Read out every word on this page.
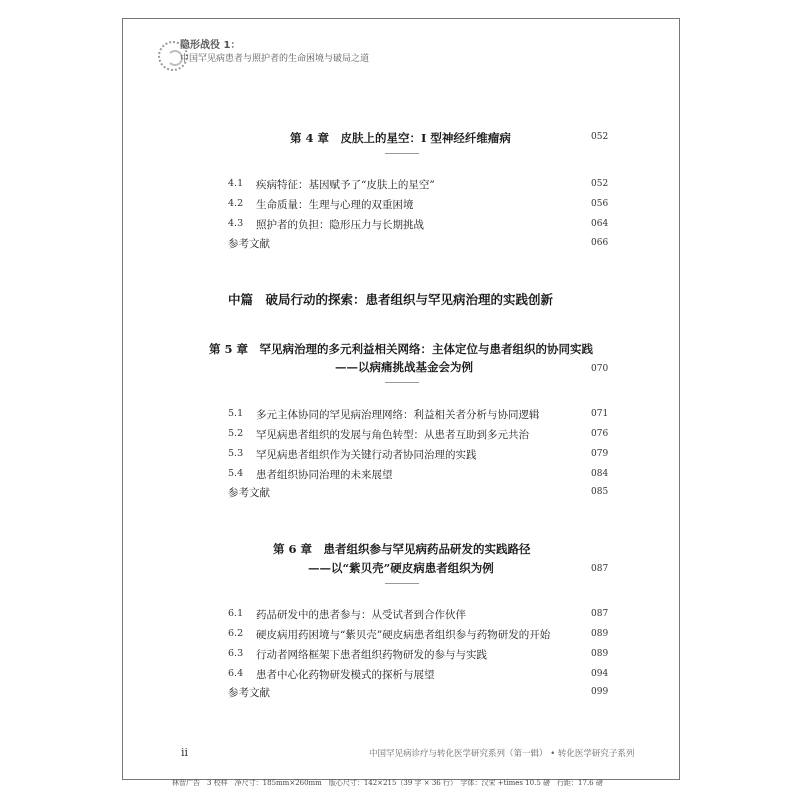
隐形战役 1：
中国罕见病患者与照护者的生命困境与破局之道
第 4 章　皮肤上的星空：I 型神经纤维瘤病	052
4.1 疾病特征：基因赋予了“皮肤上的星空”	052
4.2 生命质量：生理与心理的双重困境	056
4.3 照护者的负担：隐形压力与长期挑战	064
参考文献	066
中篇　破局行动的探索：患者组织与罕见病治理的实践创新
第 5 章　罕见病治理的多元利益相关网络：主体定位与患者组织的协同实践
——以病痛挑战基金会为例	070
5.1 多元主体协同的罕见病治理网络：利益相关者分析与协同逻辑	071
5.2 罕见病患者组织的发展与角色转型：从患者互助到多元共治	076
5.3 罕见病患者组织作为关键行动者协同治理的实践	079
5.4 患者组织协同治理的未来展望	084
参考文献	085
第 6 章　患者组织参与罕见病药品研发的实践路径
——以“紫贝壳”硬皮病患者组织为例	087
6.1 药品研发中的患者参与：从受试者到合作伙伴	087
6.2 硬皮病用药困境与“紫贝壳”硬皮病患者组织参与药物研发的开始	089
6.3 行动者网络框架下患者组织药物研发的参与与实践	089
6.4 患者中心化药物研发模式的探析与展望	094
参考文献	099
ii	中国罕见病诊疗与转化医学研究系列（第一辑） • 转化医学研究子系列
林智广告　3 校样　净尺寸：185mm×260mm　版心尺寸：142×215（39 字 × 36 行）　字体：汉宋 +times 10.5 磅　行距：17.6 磅
